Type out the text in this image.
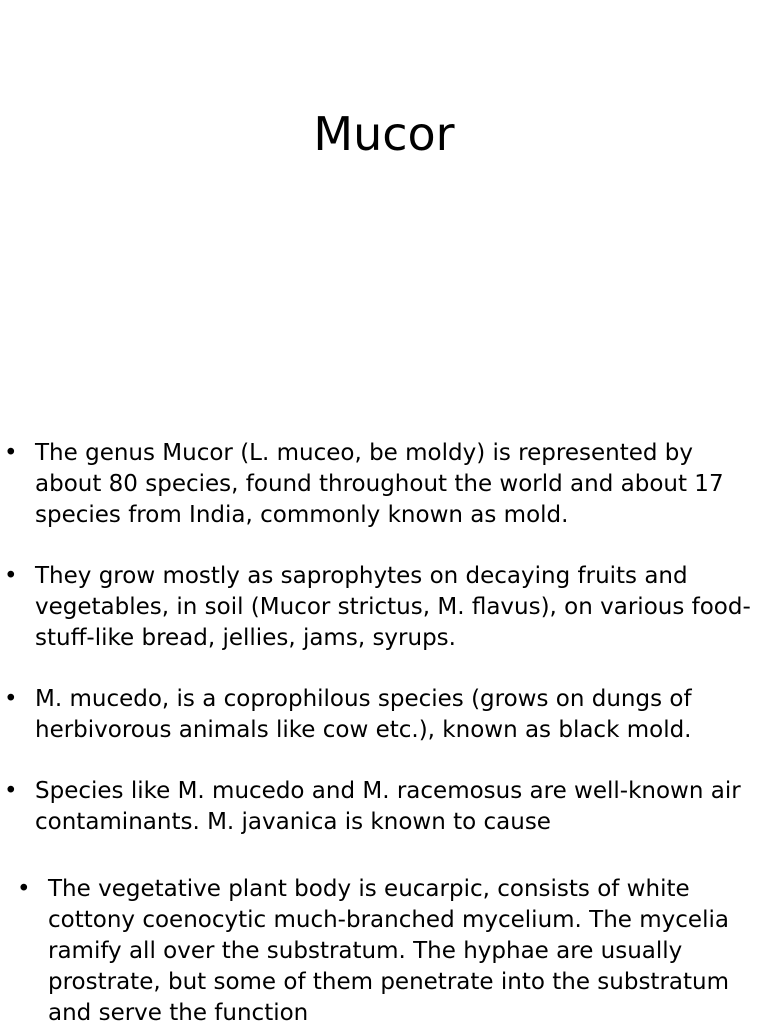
Mucor
• The genus Mucor (L. muceo, be moldy) is represented by about 80 species, found throughout the world and about 17 species from India, commonly known as mold.
• They grow mostly as saprophytes on decaying fruits and vegetables, in soil (Mucor strictus, M. flavus), on various food- stuff-like bread, jellies, jams, syrups.
• M. mucedo, is a coprophilous species (grows on dungs of herbivorous animals like cow etc.), known as black mold.
• Species like M. mucedo and M. racemosus are well-known air contaminants. M. javanica is known to cause
• The vegetative plant body is eucarpic, consists of white cottony coenocytic much-branched mycelium. The mycelia ramify all over the substratum. The hyphae are usually prostrate, but some of them penetrate into the substratum and serve the function
